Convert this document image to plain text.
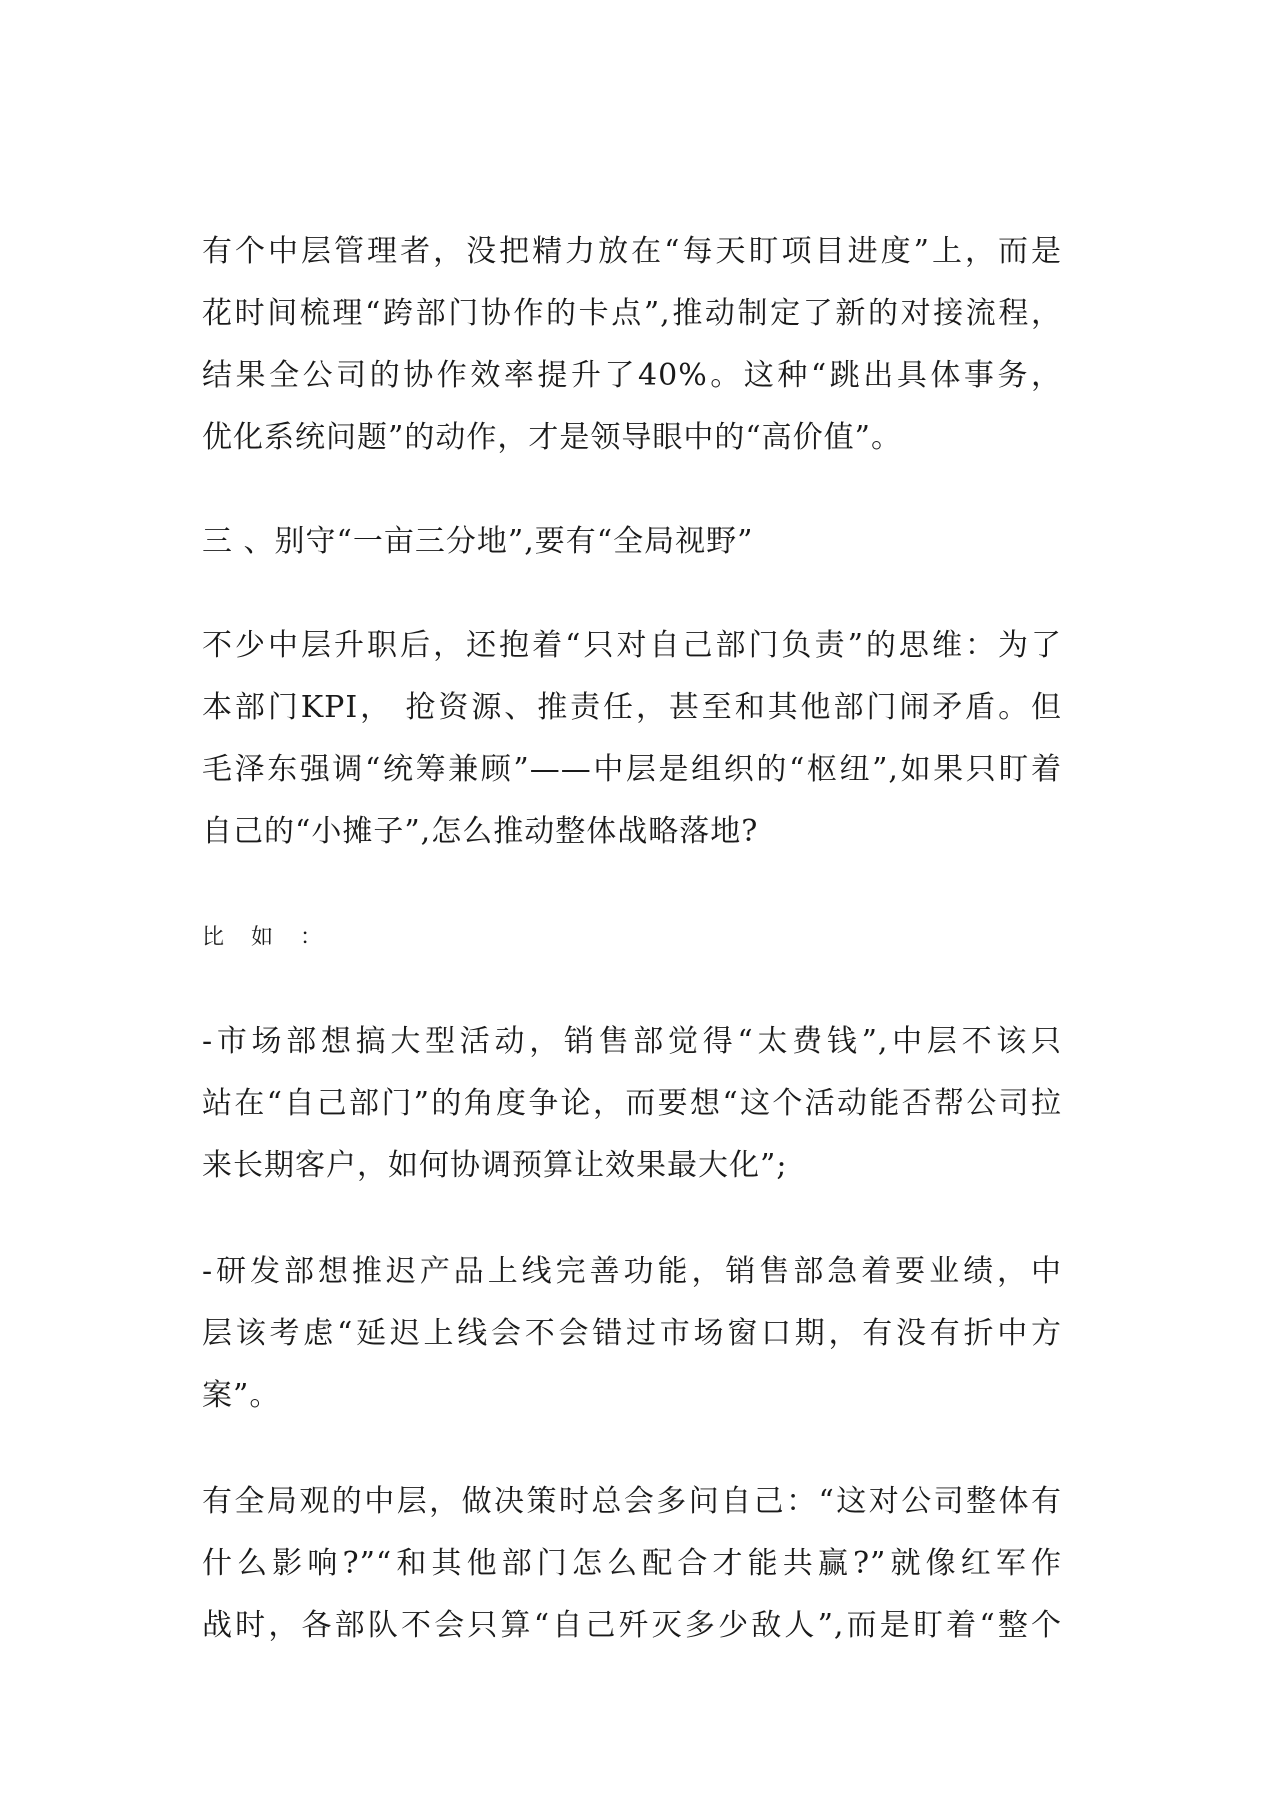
有个中层管理者，没把精力放在“每天盯项目进度”上，而是
花时间梳理“跨部门协作的卡点”,推动制定了新的对接流程，
结果全公司的协作效率提升了40%。这种“跳出具体事务，
优化系统问题”的动作，才是领导眼中的“高价值”。
三 、别守“一亩三分地”,要有“全局视野”
不少中层升职后，还抱着“只对自己部门负责”的思维：为了
本部门KPI， 抢资源、推责任，甚至和其他部门闹矛盾。但
毛泽东强调“统筹兼顾”——中层是组织的“枢纽”,如果只盯着
自己的“小摊子”,怎么推动整体战略落地?
比 如 ：
-市场部想搞大型活动，销售部觉得“太费钱”,中层不该只
站在“自己部门”的角度争论，而要想“这个活动能否帮公司拉
来长期客户，如何协调预算让效果最大化”;
-研发部想推迟产品上线完善功能，销售部急着要业绩，中
层该考虑“延迟上线会不会错过市场窗口期，有没有折中方
案”。
有全局观的中层，做决策时总会多问自己：“这对公司整体有
什么影响?”“和其他部门怎么配合才能共赢?”就像红军作
战时，各部队不会只算“自己歼灭多少敌人”,而是盯着“整个
